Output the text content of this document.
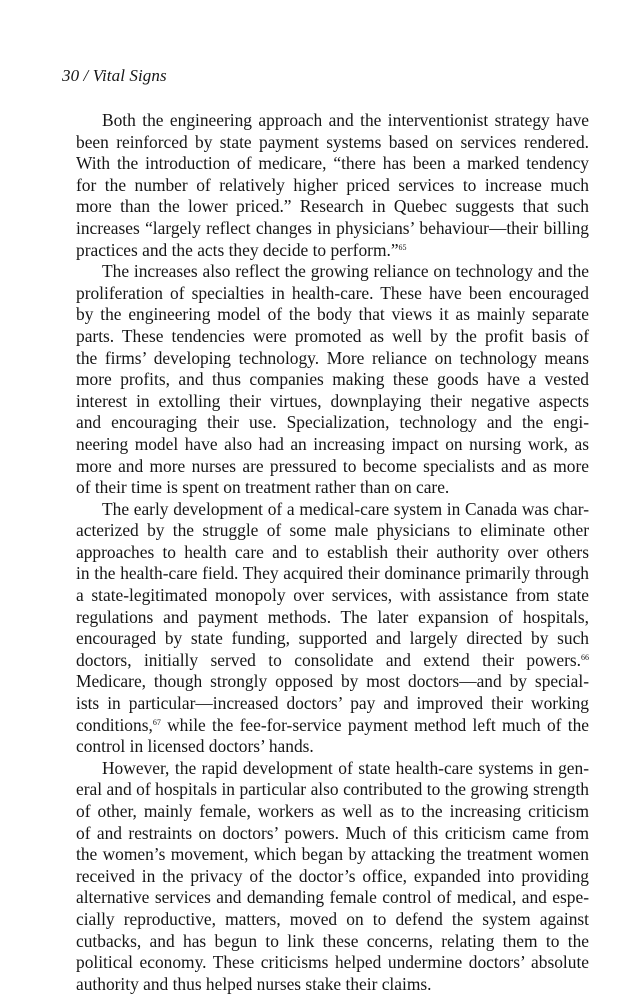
30 / Vital Signs

Both the engineering approach and the interventionist strategy have
been reinforced by state payment systems based on services rendered.
With the introduction of medicare, “there has been a marked tendency
for the number of relatively higher priced services to increase much
more than the lower priced.” Research in Quebec suggests that such
increases “largely reflect changes in physicians’ behaviour—their billing
practices and the acts they decide to perform.”$^{65}$

The increases also reflect the growing reliance on technology and the
proliferation of specialties in health-care. These have been encouraged
by the engineering model of the body that views it as mainly separate
parts. These tendencies were promoted as well by the profit basis of
the firms’ developing technology. More reliance on technology means
more profits, and thus companies making these goods have a vested
interest in extolling their virtues, downplaying their negative aspects
and encouraging their use. Specialization, technology and the engi-
neering model have also had an increasing impact on nursing work, as
more and more nurses are pressured to become specialists and as more
of their time is spent on treatment rather than on care.

The early development of a medical-care system in Canada was char-
acterized by the struggle of some male physicians to eliminate other
approaches to health care and to establish their authority over others
in the health-care field. They acquired their dominance primarily through
a state-legitimated monopoly over services, with assistance from state
regulations and payment methods. The later expansion of hospitals,
encouraged by state funding, supported and largely directed by such
doctors, initially served to consolidate and extend their powers.$^{66}$
Medicare, though strongly opposed by most doctors—and by special-
ists in particular—increased doctors’ pay and improved their working
conditions,$^{67}$ while the fee-for-service payment method left much of the
control in licensed doctors’ hands.

However, the rapid development of state health-care systems in gen-
eral and of hospitals in particular also contributed to the growing strength
of other, mainly female, workers as well as to the increasing criticism
of and restraints on doctors’ powers. Much of this criticism came from
the women’s movement, which began by attacking the treatment women
received in the privacy of the doctor’s office, expanded into providing
alternative services and demanding female control of medical, and espe-
cially reproductive, matters, moved on to defend the system against
cutbacks, and has begun to link these concerns, relating them to the
political economy. These criticisms helped undermine doctors’ absolute
authority and thus helped nurses stake their claims.
